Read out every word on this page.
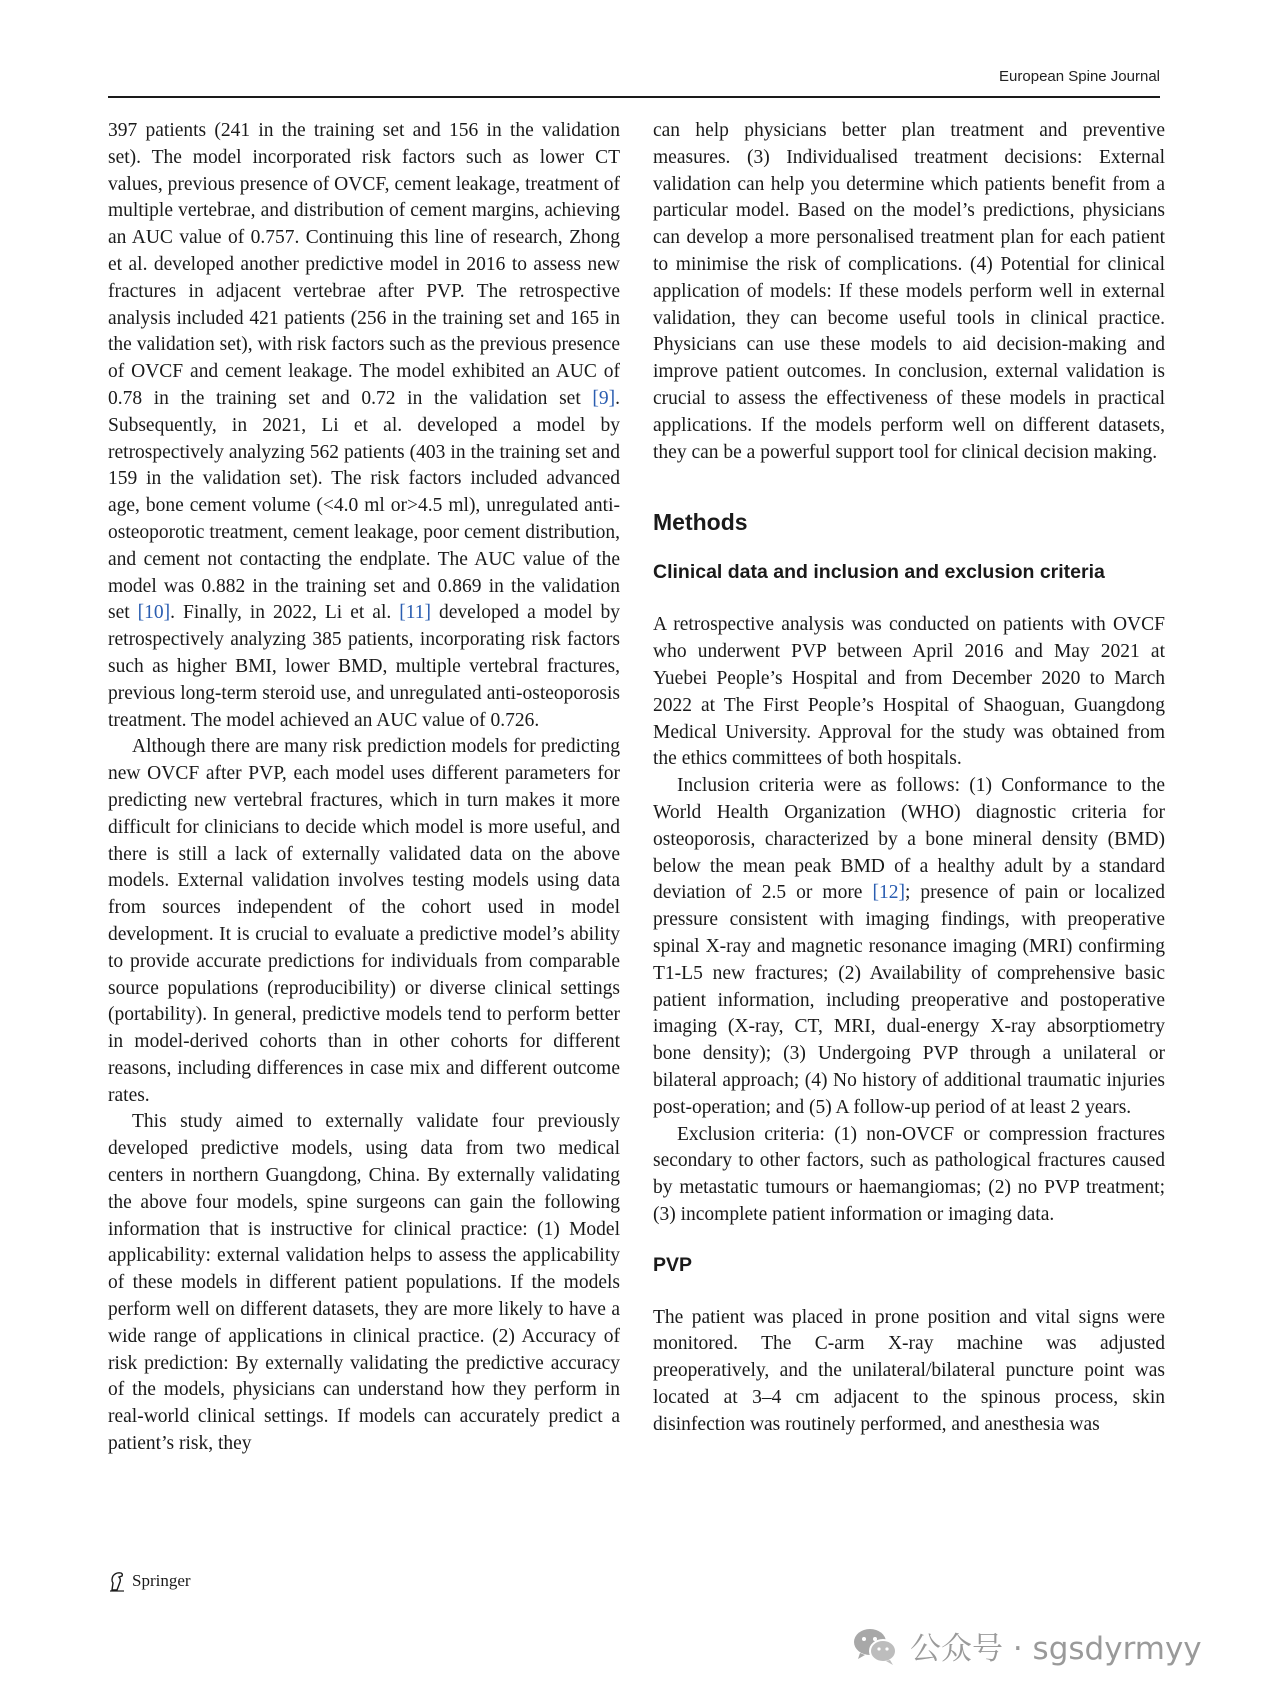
European Spine Journal

397 patients (241 in the training set and 156 in the validation set). The model incorporated risk factors such as lower CT values, previous presence of OVCF, cement leakage, treatment of multiple vertebrae, and distribution of cement margins, achieving an AUC value of 0.757. Continuing this line of research, Zhong et al. developed another predictive model in 2016 to assess new fractures in adjacent vertebrae after PVP. The retrospective analysis included 421 patients (256 in the training set and 165 in the validation set), with risk factors such as the previous presence of OVCF and cement leakage. The model exhibited an AUC of 0.78 in the training set and 0.72 in the validation set [9]. Subsequently, in 2021, Li et al. developed a model by retrospectively analyzing 562 patients (403 in the training set and 159 in the validation set). The risk factors included advanced age, bone cement volume (<4.0 ml or>4.5 ml), unregulated anti-osteoporotic treatment, cement leakage, poor cement distribution, and cement not contacting the endplate. The AUC value of the model was 0.882 in the training set and 0.869 in the validation set [10]. Finally, in 2022, Li et al. [11] developed a model by retrospectively analyzing 385 patients, incorporating risk factors such as higher BMI, lower BMD, multiple vertebral fractures, previous long-term steroid use, and unregulated anti-osteoporosis treatment. The model achieved an AUC value of 0.726.

Although there are many risk prediction models for predicting new OVCF after PVP, each model uses different parameters for predicting new vertebral fractures, which in turn makes it more difficult for clinicians to decide which model is more useful, and there is still a lack of externally validated data on the above models. External validation involves testing models using data from sources independent of the cohort used in model development. It is crucial to evaluate a predictive model’s ability to provide accurate predictions for individuals from comparable source populations (reproducibility) or diverse clinical settings (portability). In general, predictive models tend to perform better in model-derived cohorts than in other cohorts for different reasons, including differences in case mix and different outcome rates.

This study aimed to externally validate four previously developed predictive models, using data from two medical centers in northern Guangdong, China. By externally validating the above four models, spine surgeons can gain the following information that is instructive for clinical practice: (1) Model applicability: external validation helps to assess the applicability of these models in different patient populations. If the models perform well on different datasets, they are more likely to have a wide range of applications in clinical practice. (2) Accuracy of risk prediction: By externally validating the predictive accuracy of the models, physicians can understand how they perform in real-world clinical settings. If models can accurately predict a patient’s risk, they

can help physicians better plan treatment and preventive measures. (3) Individualised treatment decisions: External validation can help you determine which patients benefit from a particular model. Based on the model’s predictions, physicians can develop a more personalised treatment plan for each patient to minimise the risk of complications. (4) Potential for clinical application of models: If these models perform well in external validation, they can become useful tools in clinical practice. Physicians can use these models to aid decision-making and improve patient outcomes. In conclusion, external validation is crucial to assess the effectiveness of these models in practical applications. If the models perform well on different datasets, they can be a powerful support tool for clinical decision making.

Methods
Clinical data and inclusion and exclusion criteria

A retrospective analysis was conducted on patients with OVCF who underwent PVP between April 2016 and May 2021 at Yuebei People’s Hospital and from December 2020 to March 2022 at The First People’s Hospital of Shaoguan, Guangdong Medical University. Approval for the study was obtained from the ethics committees of both hospitals.

Inclusion criteria were as follows: (1) Conformance to the World Health Organization (WHO) diagnostic criteria for osteoporosis, characterized by a bone mineral density (BMD) below the mean peak BMD of a healthy adult by a standard deviation of 2.5 or more [12]; presence of pain or localized pressure consistent with imaging findings, with preoperative spinal X-ray and magnetic resonance imaging (MRI) confirming T1-L5 new fractures; (2) Availability of comprehensive basic patient information, including preoperative and postoperative imaging (X-ray, CT, MRI, dual-energy X-ray absorptiometry bone density); (3) Undergoing PVP through a unilateral or bilateral approach; (4) No history of additional traumatic injuries post-operation; and (5) A follow-up period of at least 2 years.

Exclusion criteria: (1) non-OVCF or compression fractures secondary to other factors, such as pathological fractures caused by metastatic tumours or haemangiomas; (2) no PVP treatment; (3) incomplete patient information or imaging data.

PVP

The patient was placed in prone position and vital signs were monitored. The C-arm X-ray machine was adjusted preoperatively, and the unilateral/bilateral puncture point was located at 3–4 cm adjacent to the spinous process, skin disinfection was routinely performed, and anesthesia was

Springer
公众号 · sgsdyrmyy
